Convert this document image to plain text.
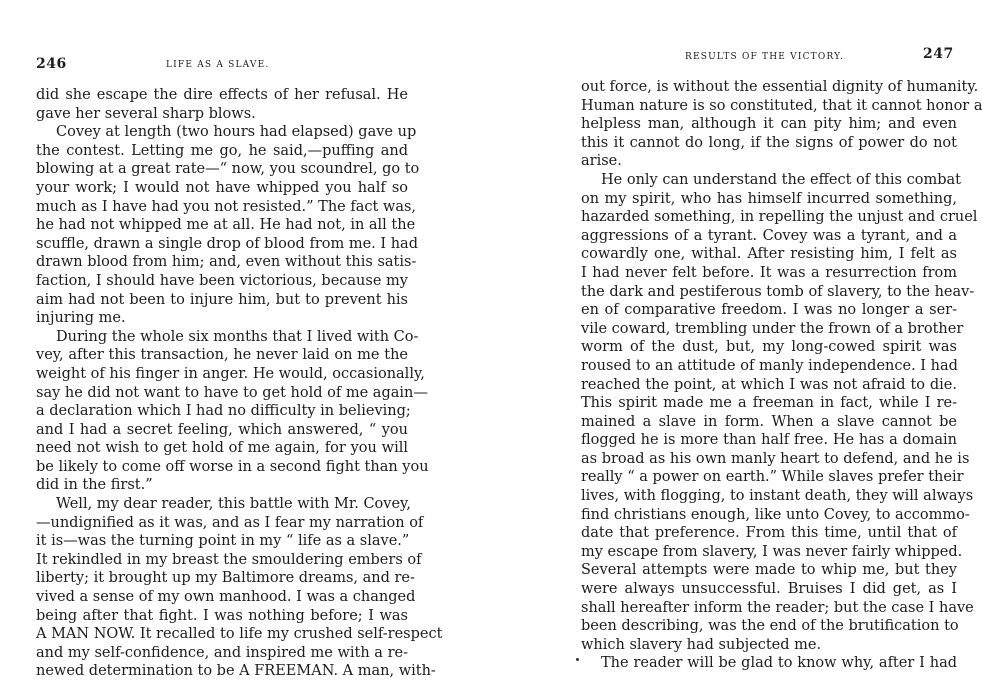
246	LIFE AS A SLAVE.
did she escape the dire effects of her refusal. He
gave her several sharp blows.
Covey at length (two hours had elapsed) gave up
the contest. Letting me go, he said,—puffing and
blowing at a great rate—“ now, you scoundrel, go to
your work; I would not have whipped you half so
much as I have had you not resisted.” The fact was,
he had not whipped me at all. He had not, in all the
scuffle, drawn a single drop of blood from me. I had
drawn blood from him; and, even without this satis-
faction, I should have been victorious, because my
aim had not been to injure him, but to prevent his
injuring me.
During the whole six months that I lived with Co-
vey, after this transaction, he never laid on me the
weight of his finger in anger. He would, occasionally,
say he did not want to have to get hold of me again—
a declaration which I had no difficulty in believing;
and I had a secret feeling, which answered, “ you
need not wish to get hold of me again, for you will
be likely to come off worse in a second fight than you
did in the first.”
Well, my dear reader, this battle with Mr. Covey,
—undignified as it was, and as I fear my narration of
it is—was the turning point in my “ life as a slave.”
It rekindled in my breast the smouldering embers of
liberty; it brought up my Baltimore dreams, and re-
vived a sense of my own manhood. I was a changed
being after that fight. I was nothing before; I was
A MAN NOW. It recalled to life my crushed self-respect
and my self-confidence, and inspired me with a re-
newed determination to be A FREEMAN. A man, with-
RESULTS OF THE VICTORY.	247
out force, is without the essential dignity of humanity.
Human nature is so constituted, that it cannot honor a
helpless man, although it can pity him; and even
this it cannot do long, if the signs of power do not
arise.
He only can understand the effect of this combat
on my spirit, who has himself incurred something,
hazarded something, in repelling the unjust and cruel
aggressions of a tyrant. Covey was a tyrant, and a
cowardly one, withal. After resisting him, I felt as
I had never felt before. It was a resurrection from
the dark and pestiferous tomb of slavery, to the heav-
en of comparative freedom. I was no longer a ser-
vile coward, trembling under the frown of a brother
worm of the dust, but, my long-cowed spirit was
roused to an attitude of manly independence. I had
reached the point, at which I was not afraid to die.
This spirit made me a freeman in fact, while I re-
mained a slave in form. When a slave cannot be
flogged he is more than half free. He has a domain
as broad as his own manly heart to defend, and he is
really “ a power on earth.” While slaves prefer their
lives, with flogging, to instant death, they will always
find christians enough, like unto Covey, to accommo-
date that preference. From this time, until that of
my escape from slavery, I was never fairly whipped.
Several attempts were made to whip me, but they
were always unsuccessful. Bruises I did get, as I
shall hereafter inform the reader; but the case I have
been describing, was the end of the brutification to
which slavery had subjected me.
The reader will be glad to know why, after I had
